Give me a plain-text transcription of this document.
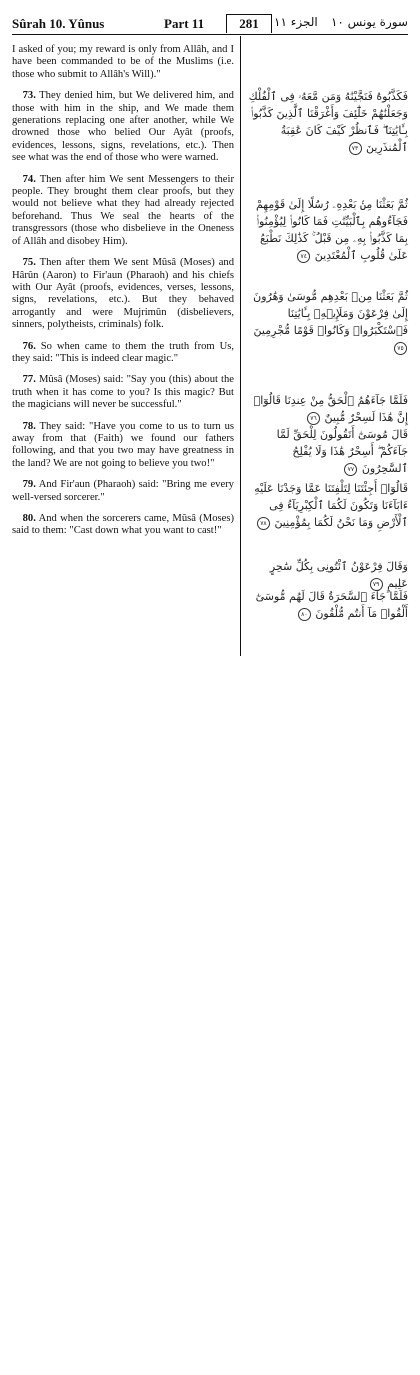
Sûrah 10. Yûnus	Part 11	281	الجزء ١١ سورة يونس ١٠

I asked of you; my reward is only from Allâh, and I have been commanded to be of the Muslims (i.e. those who submit to Allâh's Will)."

 73. They denied him, but We delivered him, and those with him in the ship, and We made them generations replacing one after another, while We drowned those who belied Our Ayât (proofs, evidences, lessons, signs, revelations, etc.). Then see what was the end of those who were warned.

 74. Then after him We sent Messengers to their people. They brought them clear proofs, but they would not believe what they had already rejected beforehand. Thus We seal the hearts of the transgressors (those who disbelieve in the Oneness of Allâh and disobey Him).

 75. Then after them We sent Mûsâ (Moses) and Hârûn (Aaron) to Fir'aun (Pharaoh) and his chiefs with Our Ayât (proofs, evidences, verses, lessons, signs, revelations, etc.). But they behaved arrogantly and were Mujrimûn (disbelievers, sinners, polytheists, criminals) folk.

 76. So when came to them the truth from Us, they said: "This is indeed clear magic."

 77. Mûsâ (Moses) said: "Say you (this) about the truth when it has come to you? Is this magic? But the magicians will never be successful."

 78. They said: "Have you come to us to turn us away from that (Faith) we found our fathers following, and that you two may have greatness in the land? We are not going to believe you two!"

 79. And Fir'aun (Pharaoh) said: "Bring me every well-versed sorcerer."

 80. And when the sorcerers came, Mûsâ (Moses) said to them: "Cast down what you want to cast!"

فَكَذَّبُوهُ فَنَجَّيْنَٰهُ وَمَن مَّعَهُۥ فِى ٱلْفُلْكِ وَجَعَلْنَٰهُمْ خَلَٰٓئِفَ وَأَغْرَقْنَا ٱلَّذِينَ كَذَّبُوا۟ بِـَٔايَٰتِنَا ۖ فَٱنظُرْ كَيْفَ كَانَ عَٰقِبَةُ ٱلْمُنذَرِينَ ٧٣
ثُمَّ بَعَثْنَا مِنۢ بَعْدِهِۦ رُسُلًا إِلَىٰ قَوْمِهِمْ فَجَآءُوهُم بِٱلْبَيِّنَٰتِ فَمَا كَانُوا۟ لِيُؤْمِنُوا۟ بِمَا كَذَّبُوا۟ بِهِۦ مِن قَبْلُ ۚ كَذَٰلِكَ نَطْبَعُ عَلَىٰ قُلُوبِ ٱلْمُعْتَدِينَ ٧٤
ثُمَّ بَعَثْنَا مِنۢ بَعْدِهِم مُّوسَىٰ وَهَٰرُونَ إِلَىٰ فِرْعَوْنَ وَمَلَإِي۟هِۦ بِـَٔايَٰتِنَا فَٱسْتَكْبَرُوا۟ وَكَانُوا۟ قَوْمًا مُّجْرِمِينَ ٧٥
فَلَمَّا جَآءَهُمُ ٱلْحَقُّ مِنْ عِندِنَا قَالُوٓا۟ إِنَّ هَٰذَا لَسِحْرٌ مُّبِينٌ ٧٦
قَالَ مُوسَىٰٓ أَتَقُولُونَ لِلْحَقِّ لَمَّا جَآءَكُمْ ۖ أَسِحْرٌ هَٰذَا وَلَا يُفْلِحُ ٱلسَّٰحِرُونَ ٧٧
قَالُوٓا۟ أَجِئْتَنَا لِتَلْفِتَنَا عَمَّا وَجَدْنَا عَلَيْهِ ءَابَآءَنَا وَتَكُونَ لَكُمَا ٱلْكِبْرِيَآءُ فِى ٱلْأَرْضِ وَمَا نَحْنُ لَكُمَا بِمُؤْمِنِينَ ٧٨
وَقَالَ فِرْعَوْنُ ٱئْتُونِى بِكُلِّ سَٰحِرٍ عَلِيمٍ ٧٩
فَلَمَّا جَآءَ ٱلسَّحَرَةُ قَالَ لَهُم مُّوسَىٰٓ أَلْقُوا۟ مَآ أَنتُم مُّلْقُونَ ٨٠
